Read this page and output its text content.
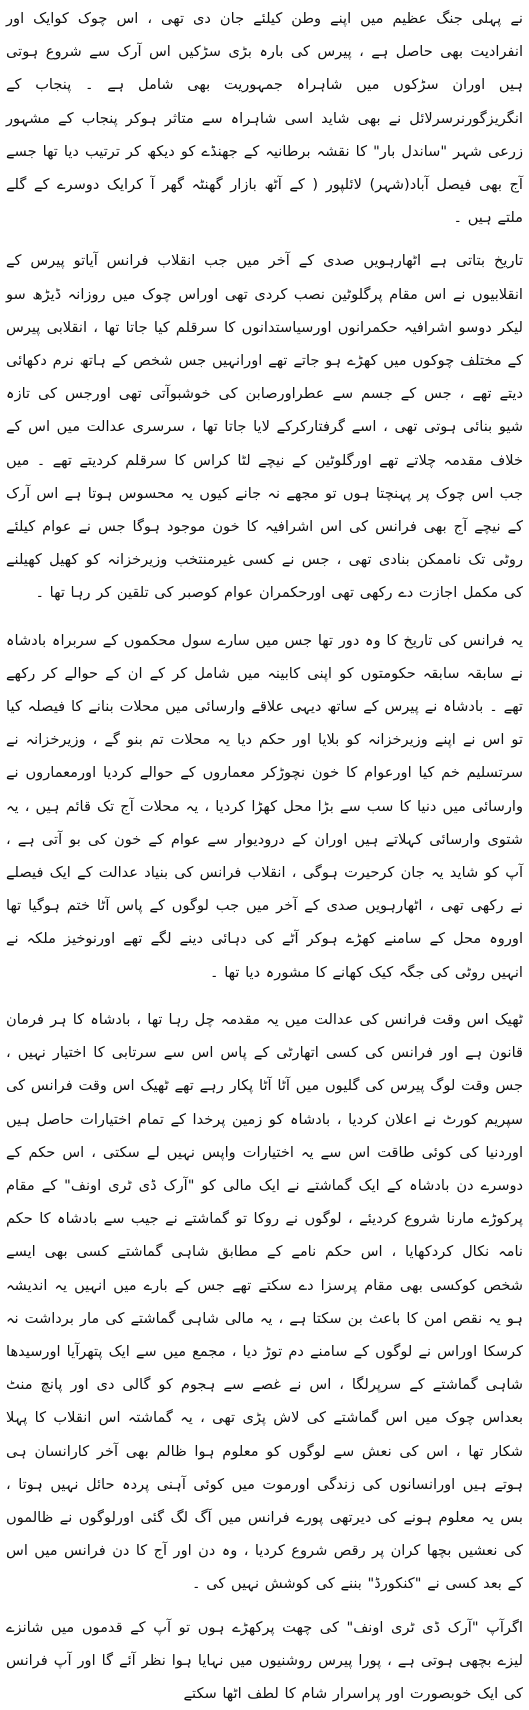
نے پہلی جنگ عظیم میں اپنے وطن کیلئے جان دی تھی ، اس چوک کوایک اور انفرادیت بھی حاصل ہے ، پیرس کی بارہ بڑی سڑکیں اس آرک سے شروع ہوتی ہیں اوران سڑکوں میں شاہراہ جمہوریت بھی شامل ہے ۔ پنجاب کے انگریزگورنرسرلائل نے بھی شاید اسی شاہراہ سے متاثر ہوکر پنجاب کے مشہور زرعی شہر "ساندل بار" کا نقشہ برطانیہ کے جھنڈے کو دیکھ کر ترتیب دیا تھا جسے آج بھی فیصل آباد(شہر) لائلپور ( کے آٹھ بازار گھنٹہ گھر آ کرایک دوسرے کے گلے ملتے ہیں ۔

تاریخ بتاتی ہے اٹھارہویں صدی کے آخر میں جب انقلاب فرانس آیاتو پیرس کے انقلابیوں نے اس مقام پرگلوٹین نصب کردی تھی اوراس چوک میں روزانہ ڈیڑھ سو لیکر دوسو اشرافیہ حکمرانوں اورسیاستدانوں کا سرقلم کیا جاتا تھا ، انقلابی پیرس کے مختلف چوکوں میں کھڑے ہو جاتے تھے اورانہیں جس شخص کے ہاتھ نرم دکھائی دیتے تھے ، جس کے جسم سے عطراورصابن کی خوشبوآتی تھی اورجس کی تازہ شیو بنائی ہوتی تھی ، اسے گرفتارکرکے لایا جاتا تھا ، سرسری عدالت میں اس کے خلاف مقدمہ چلاتے تھے اورگلوٹین کے نیچے لٹا کراس کا سرقلم کردیتے تھے ۔ میں جب اس چوک پر پہنچتا ہوں تو مجھے نہ جانے کیوں یہ محسوس ہوتا ہے اس آرک کے نیچے آج بھی فرانس کی اس اشرافیہ کا خون موجود ہوگا جس نے عوام کیلئے روٹی تک ناممکن بنادی تھی ، جس نے کسی غیرمنتخب وزیرخزانہ کو کھیل کھیلنے کی مکمل اجازت دے رکھی تھی اورحکمران عوام کوصبر کی تلقین کر رہا تھا ۔

یہ فرانس کی تاریخ کا وہ دور تھا جس میں سارے سول محکموں کے سربراہ بادشاہ نے سابقہ سابقہ حکومتوں کو اپنی کابینہ میں شامل کر کے ان کے حوالے کر رکھے تھے ۔ بادشاہ نے پیرس کے ساتھ دیہی علاقے وارسائی میں محلات بنانے کا فیصلہ کیا تو اس نے اپنے وزیرخزانہ کو بلایا اور حکم دیا یہ محلات تم بنو گے ، وزیرخزانہ نے سرتسلیم خم کیا اورعوام کا خون نچوڑکر معماروں کے حوالے کردیا اورمعماروں نے وارسائی میں دنیا کا سب سے بڑا محل کھڑا کردیا ، یہ محلات آج تک قائم ہیں ، یہ شتوی وارسائی کہلاتے ہیں اوران کے درودیوار سے عوام کے خون کی بو آتی ہے ، آپ کو شاید یہ جان کرحیرت ہوگی ، انقلاب فرانس کی بنیاد عدالت کے ایک فیصلے نے رکھی تھی ، اٹھارہویں صدی کے آخر میں جب لوگوں کے پاس آٹا ختم ہوگیا تھا اوروہ محل کے سامنے کھڑے ہوکر آٹے کی دہائی دینے لگے تھے اورنوخیز ملکہ نے انہیں روٹی کی جگہ کیک کھانے کا مشورہ دیا تھا ۔

ٹھیک اس وقت فرانس کی عدالت میں یہ مقدمہ چل رہا تھا ، بادشاہ کا ہر فرمان قانون ہے اور فرانس کی کسی اتھارٹی کے پاس اس سے سرتابی کا اختیار نہیں ، جس وقت لوگ پیرس کی گلیوں میں آٹا آٹا پکار رہے تھے ٹھیک اس وقت فرانس کی سپریم کورٹ نے اعلان کردیا ، بادشاہ کو زمین پرخدا کے تمام اختیارات حاصل ہیں اوردنیا کی کوئی طاقت اس سے یہ اختیارات واپس نہیں لے سکتی ، اس حکم کے دوسرے دن بادشاہ کے ایک گماشتے نے ایک مالی کو "آرک ڈی ٹری اونف" کے مقام پرکوڑے مارنا شروع کردیئے ، لوگوں نے روکا تو گماشتے نے جیب سے بادشاہ کا حکم نامہ نکال کردکھایا ، اس حکم نامے کے مطابق شاہی گماشتے کسی بھی ایسے شخص کوکسی بھی مقام پرسزا دے سکتے تھے جس کے بارے میں انہیں یہ اندیشہ ہو یہ نقص امن کا باعث بن سکتا ہے ، یہ مالی شاہی گماشتے کی مار برداشت نہ کرسکا اوراس نے لوگوں کے سامنے دم توڑ دیا ، مجمع میں سے ایک پتھرآیا اورسیدھا شاہی گماشتے کے سرپرلگا ، اس نے غصے سے ہجوم کو گالی دی اور پانچ منٹ بعداس چوک میں اس گماشتے کی لاش پڑی تھی ، یہ گماشتہ اس انقلاب کا پہلا شکار تھا ، اس کی نعش سے لوگوں کو معلوم ہوا ظالم بھی آخر کارانسان ہی ہوتے ہیں اورانسانوں کی زندگی اورموت میں کوئی آہنی پردہ حائل نہیں ہوتا ، بس یہ معلوم ہونے کی دیرتھی پورے فرانس میں آگ لگ گئی اورلوگوں نے ظالموں کی نعشیں بچھا کران پر رقص شروع کردیا ، وہ دن اور آج کا دن فرانس میں اس کے بعد کسی نے "کنکورڈ" بننے کی کوشش نہیں کی ۔

اگرآپ "آرک ڈی ٹری اونف" کی چھت پرکھڑے ہوں تو آپ کے قدموں میں شانزے لیزے بچھی ہوتی ہے ، پورا پیرس روشنیوں میں نہایا ہوا نظر آئے گا اور آپ فرانس کی ایک خوبصورت اور پراسرار شام کا لطف اٹھا سکتے
